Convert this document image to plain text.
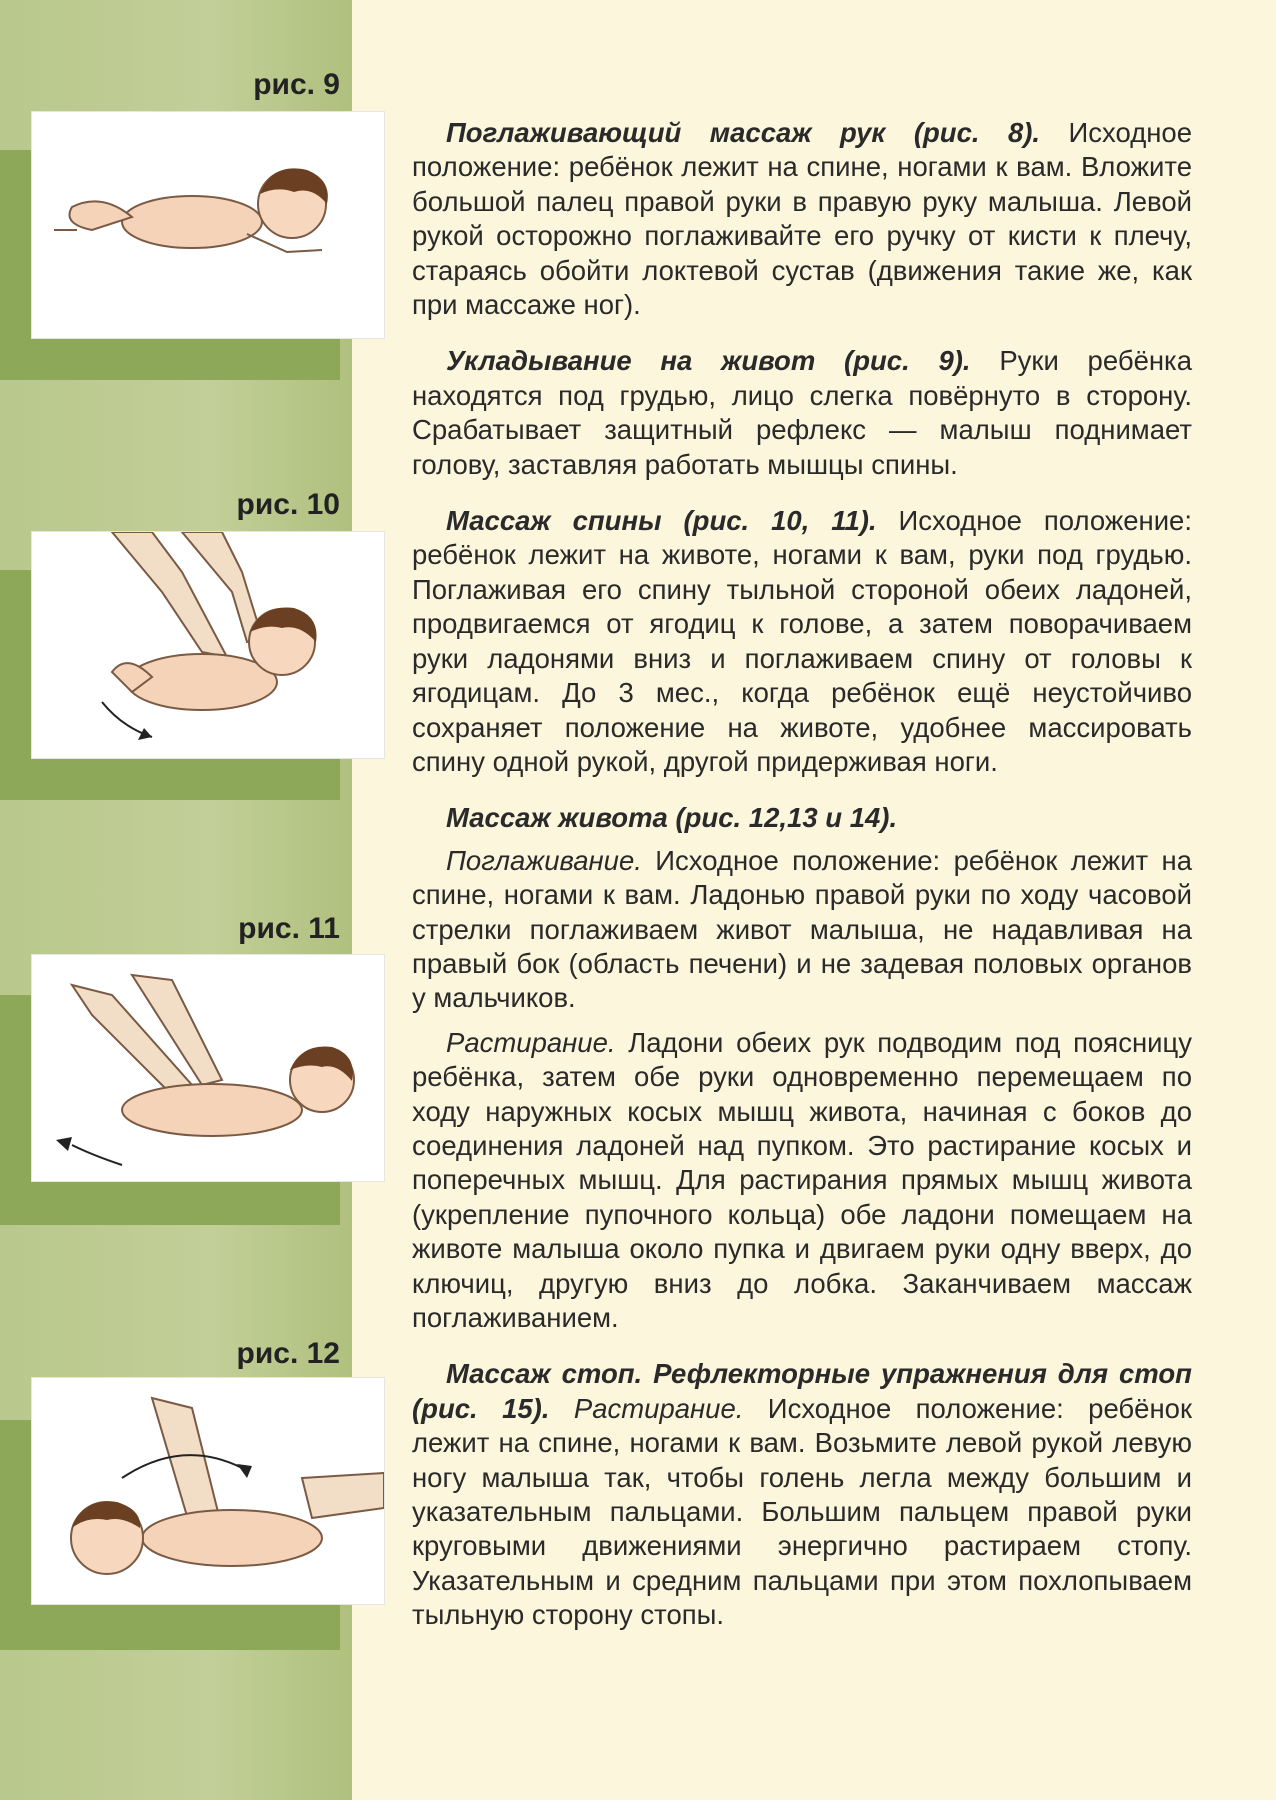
рис. 9
рис. 10
рис. 11
рис. 12

Поглаживающий массаж рук (рис. 8). Исходное положение: ребёнок лежит на спине, ногами к вам. Вложите большой палец правой руки в правую руку малыша. Левой рукой осторожно поглаживайте его ручку от кисти к плечу, стараясь обойти локтевой сустав (движения такие же, как при массаже ног).

Укладывание на живот (рис. 9). Руки ребёнка находятся под грудью, лицо слегка повёрнуто в сторону. Срабатывает защитный рефлекс — малыш поднимает голову, заставляя работать мышцы спины.

Массаж спины (рис. 10, 11). Исходное положение: ребёнок лежит на животе, ногами к вам, руки под грудью. Поглаживая его спину тыльной стороной обеих ладоней, продвигаемся от ягодиц к голове, а затем поворачиваем руки ладонями вниз и поглаживаем спину от головы к ягодицам. До 3 мес., когда ребёнок ещё неустойчиво сохраняет положение на животе, удобнее массировать спину одной рукой, другой придерживая ноги.

Массаж живота (рис. 12,13 и 14).

Поглаживание. Исходное положение: ребёнок лежит на спине, ногами к вам. Ладонью правой руки по ходу часовой стрелки поглаживаем живот малыша, не надавливая на правый бок (область печени) и не задевая половых органов у мальчиков.

Растирание. Ладони обеих рук подводим под поясницу ребёнка, затем обе руки одновременно перемещаем по ходу наружных косых мышц живота, начиная с боков до соединения ладоней над пупком. Это растирание косых и поперечных мышц. Для растирания прямых мышц живота (укрепление пупочного кольца) обе ладони помещаем на животе малыша около пупка и двигаем руки одну вверх, до ключиц, другую вниз до лобка. Заканчиваем массаж поглаживанием.

Массаж стоп. Рефлекторные упражнения для стоп (рис. 15). Растирание. Исходное положение: ребёнок лежит на спине, ногами к вам. Возьмите левой рукой левую ногу малыша так, чтобы голень легла между большим и указательным пальцами. Большим пальцем правой руки круговыми движениями энергично растираем стопу. Указательным и средним пальцами при этом похлопываем тыльную сторону стопы.
